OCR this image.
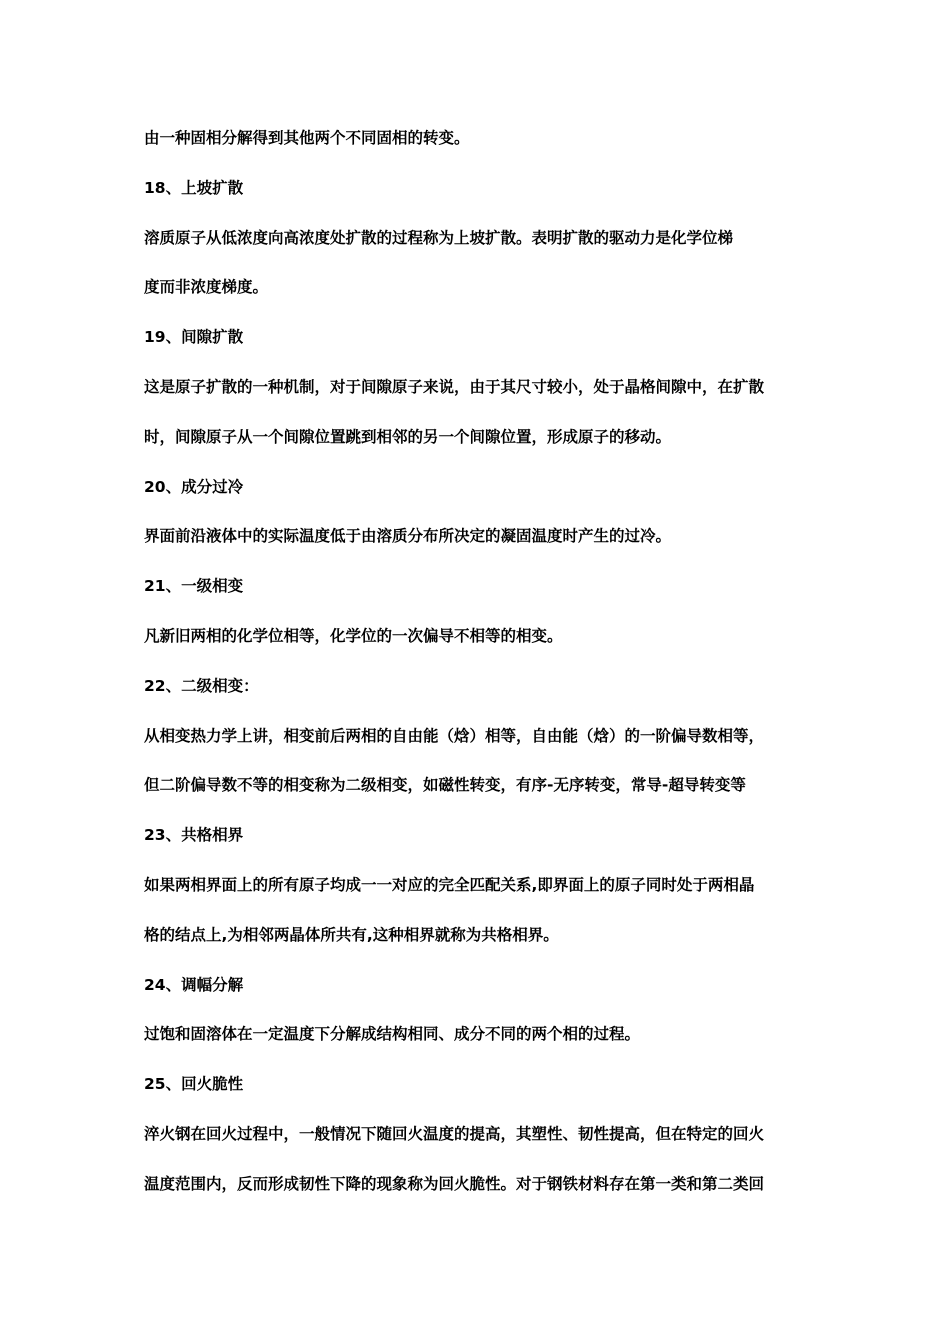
由一种固相分解得到其他两个不同固相的转变。
18、上坡扩散
溶质原子从低浓度向高浓度处扩散的过程称为上坡扩散。表明扩散的驱动力是化学位梯
度而非浓度梯度。
19、间隙扩散
这是原子扩散的一种机制，对于间隙原子来说，由于其尺寸较小，处于晶格间隙中，在扩散
时，间隙原子从一个间隙位置跳到相邻的另一个间隙位置，形成原子的移动。
20、成分过冷
界面前沿液体中的实际温度低于由溶质分布所决定的凝固温度时产生的过冷。
21、一级相变
凡新旧两相的化学位相等，化学位的一次偏导不相等的相变。
22、二级相变：
从相变热力学上讲，相变前后两相的自由能（焓）相等，自由能（焓）的一阶偏导数相等，
但二阶偏导数不等的相变称为二级相变，如磁性转变，有序-无序转变，常导-超导转变等
23、共格相界
如果两相界面上的所有原子均成一一对应的完全匹配关系,即界面上的原子同时处于两相晶
格的结点上,为相邻两晶体所共有,这种相界就称为共格相界。
24、调幅分解
过饱和固溶体在一定温度下分解成结构相同、成分不同的两个相的过程。
25、回火脆性
淬火钢在回火过程中，一般情况下随回火温度的提高，其塑性、韧性提高，但在特定的回火
温度范围内，反而形成韧性下降的现象称为回火脆性。对于钢铁材料存在第一类和第二类回
